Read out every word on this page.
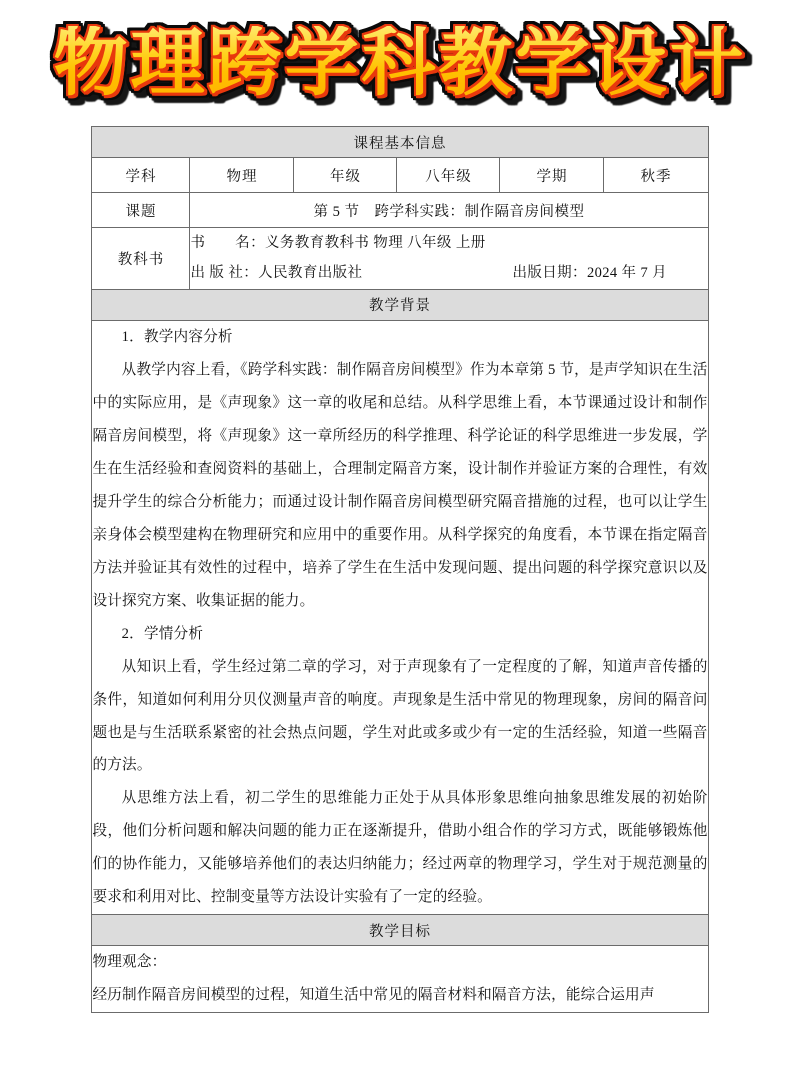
物理跨学科教学设计
课程基本信息					
学科	物理	年级	八年级	学期	秋季
课题	第 5 节　跨学科实践：制作隔音房间模型				
教科书	书　　名：义务教育教科书 物理 八年级 上册
出 版 社：人民教育出版社 出版日期：2024 年 7 月				

教学背景					

1．教学内容分析

从教学内容上看，《跨学科实践：制作隔音房间模型》作为本章第 5 节，是声学知识在生活中的实际应用，是《声现象》这一章的收尾和总结。从科学思维上看，本节课通过设计和制作隔音房间模型，将《声现象》这一章所经历的科学推理、科学论证的科学思维进一步发展，学生在生活经验和查阅资料的基础上，合理制定隔音方案，设计制作并验证方案的合理性，有效提升学生的综合分析能力；而通过设计制作隔音房间模型研究隔音措施的过程，也可以让学生亲身体会模型建构在物理研究和应用中的重要作用。从科学探究的角度看，本节课在指定隔音方法并验证其有效性的过程中，培养了学生在生活中发现问题、提出问题的科学探究意识以及设计探究方案、收集证据的能力。

2．学情分析

从知识上看，学生经过第二章的学习，对于声现象有了一定程度的了解，知道声音传播的条件，知道如何利用分贝仪测量声音的响度。声现象是生活中常见的物理现象，房间的隔音问题也是与生活联系紧密的社会热点问题，学生对此或多或少有一定的生活经验，知道一些隔音的方法。

从思维方法上看，初二学生的思维能力正处于从具体形象思维向抽象思维发展的初始阶段，他们分析问题和解决问题的能力正在逐渐提升，借助小组合作的学习方式，既能够锻炼他们的协作能力，又能够培养他们的表达归纳能力；经过两章的物理学习，学生对于规范测量的要求和利用对比、控制变量等方法设计实验有了一定的经验。					

教学目标					

物理观念：

经历制作隔音房间模型的过程，知道生活中常见的隔音材料和隔音方法，能综合运用声					
